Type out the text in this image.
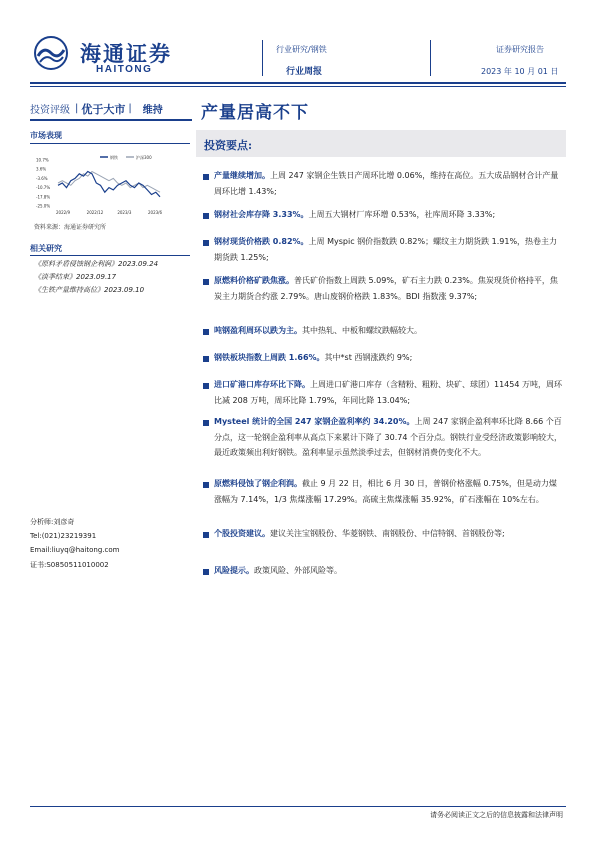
海通证券
HAITONG
行业研究/钢铁
行业周报
证券研究报告
2023 年 10 月 01 日
投资评级 | 优于大市 |	维持 产量居高不下
市场表现
10.7%
3.6%
-3.6%
-10.7%
-17.8%
-25.0%
2022/9	2022/12	2023/3	2023/6
钢铁	沪深300
资料来源：海通证券研究所
相关研究
《原料矛盾侵蚀钢企利润》2023.09.24
《淡季结束》2023.09.17
《生铁产量维持高位》2023.09.10
分析师:刘彦奇
Tel:(021)23219391
Email:liuyq@haitong.com
证书:S0850511010002
投资要点:
产量继续增加。上周 247 家钢企生铁日产周环比增 0.06%，维持在高位。五大成品钢材合计产量周环比增 1.43%;
钢材社会库存降 3.33%。上周五大钢材厂库环增 0.53%，社库周环降 3.33%;
钢材现货价格跌 0.82%。上周 Myspic 钢价指数跌 0.82%；螺纹主力期货跌 1.91%，热卷主力期货跌 1.25%;
原燃料价格矿跌焦涨。普氏矿价指数上周跌 5.09%，矿石主力跌 0.23%。焦炭现货价格持平，焦炭主力期货合约涨 2.79%。唐山废钢价格跌 1.83%。BDI 指数涨 9.37%;
吨钢盈利周环以跌为主。其中热轧、中板和螺纹跌幅较大。
钢铁板块指数上周跌 1.66%。其中*st 西钢涨跌约 9%;
进口矿港口库存环比下降。上周进口矿港口库存（含精粉、粗粉、块矿、球团）11454 万吨，周环比减 208 万吨，周环比降 1.79%，年同比降 13.04%;
Mysteel 统计的全国 247 家钢企盈利率约 34.20%。上周 247 家钢企盈利率环比降 8.66 个百分点，这一轮钢企盈利率从高点下来累计下降了 30.74 个百分点。钢铁行业受经济政策影响较大，最近政策频出利好钢铁。盈利率显示虽然淡季过去，但钢材消费仍变化不大。
原燃料侵蚀了钢企利润。截止 9 月 22 日，相比 6 月 30 日，普钢价格涨幅 0.75%，但是动力煤涨幅为 7.14%，1/3 焦煤涨幅 17.29%。高硫主焦煤涨幅 35.92%，矿石涨幅在 10%左右。
个股投资建议。建议关注宝钢股份、华菱钢铁、南钢股份、中信特钢、首钢股份等;
风险提示。政策风险、外部风险等。
请务必阅读正文之后的信息披露和法律声明
